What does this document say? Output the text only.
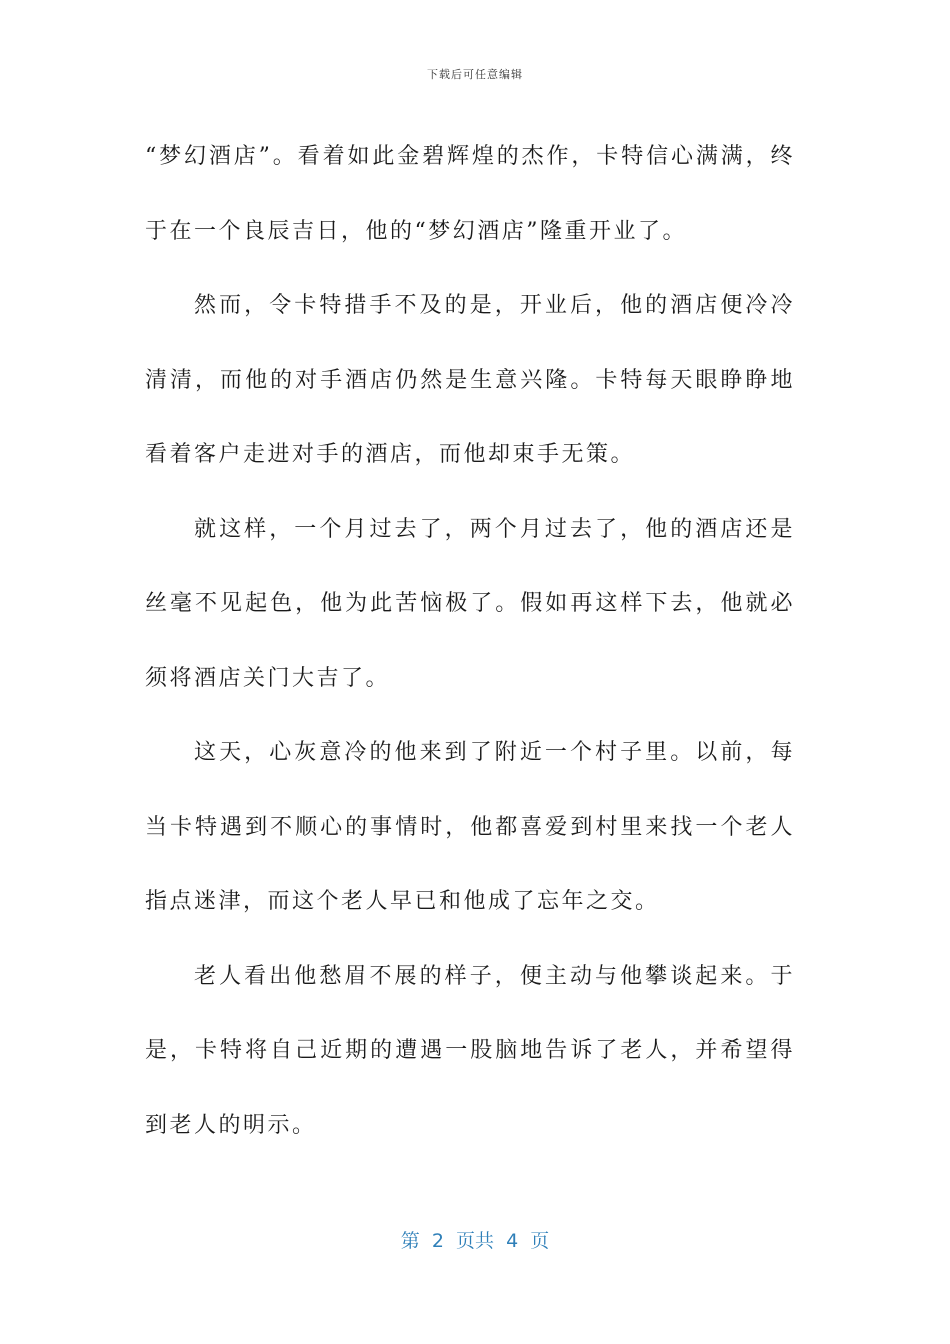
下载后可任意编辑

“梦幻酒店”。看着如此金碧辉煌的杰作，卡特信心满满，终于在一个良辰吉日，他的“梦幻酒店”隆重开业了。

然而，令卡特措手不及的是，开业后，他的酒店便冷冷清清，而他的对手酒店仍然是生意兴隆。卡特每天眼睁睁地看着客户走进对手的酒店，而他却束手无策。

就这样，一个月过去了，两个月过去了，他的酒店还是丝毫不见起色，他为此苦恼极了。假如再这样下去，他就必须将酒店关门大吉了。

这天，心灰意冷的他来到了附近一个村子里。以前，每当卡特遇到不顺心的事情时，他都喜爱到村里来找一个老人指点迷津，而这个老人早已和他成了忘年之交。

老人看出他愁眉不展的样子，便主动与他攀谈起来。于是，卡特将自己近期的遭遇一股脑地告诉了老人，并希望得到老人的明示。

第  2  页共  4  页
